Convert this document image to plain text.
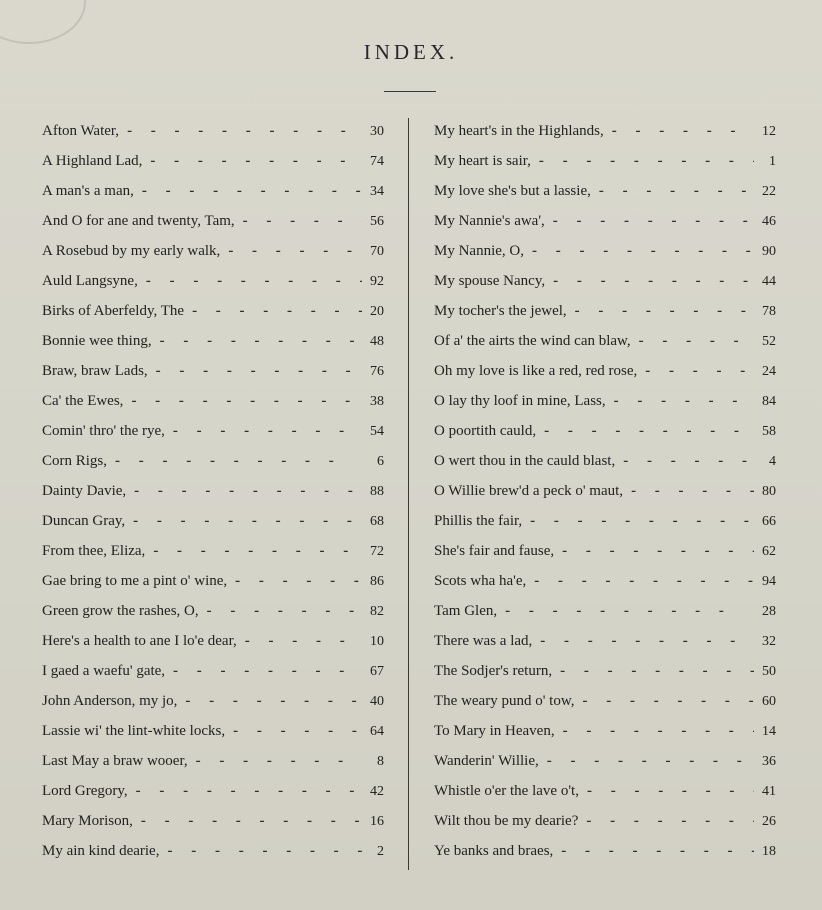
INDEX.
Afton Water, -	30
A Highland Lad, -	74
A man's a man, -	34
And O for ane and twenty, Tam, -	56
A Rosebud by my early walk, -	70
Auld Langsyne, -	92
Birks of Aberfeldy, The -	20
Bonnie wee thing, -	48
Braw, braw Lads, -	76
Ca' the Ewes, -	38
Comin' thro' the rye, -	54
Corn Rigs, -	6
Dainty Davie, -	88
Duncan Gray, -	68
From thee, Eliza, -	72
Gae bring to me a pint o' wine, -	86
Green grow the rashes, O, -	82
Here's a health to ane I lo'e dear, -	10
I gaed a waefu' gate, -	67
John Anderson, my jo, -	40
Lassie wi' the lint-white locks, -	64
Last May a braw wooer, -	8
Lord Gregory, -	42
Mary Morison, -	16
My ain kind dearie, -	2
My heart's in the Highlands, -	12
My heart is sair, -	1
My love she's but a lassie, -	22
My Nannie's awa', -	46
My Nannie, O, -	90
My spouse Nancy, -	44
My tocher's the jewel, -	78
Of a' the airts the wind can blaw, -	52
Oh my love is like a red, red rose, -	24
O lay thy loof in mine, Lass, -	84
O poortith cauld, -	58
O wert thou in the cauld blast, -	4
O Willie brew'd a peck o' maut, -	80
Phillis the fair, -	66
She's fair and fause, -	62
Scots wha ha'e, -	94
Tam Glen, -	28
There was a lad, -	32
The Sodjer's return, -	50
The weary pund o' tow, -	60
To Mary in Heaven, -	14
Wanderin' Willie, -	36
Whistle o'er the lave o't, -	41
Wilt thou be my dearie? -	26
Ye banks and braes, -	18
